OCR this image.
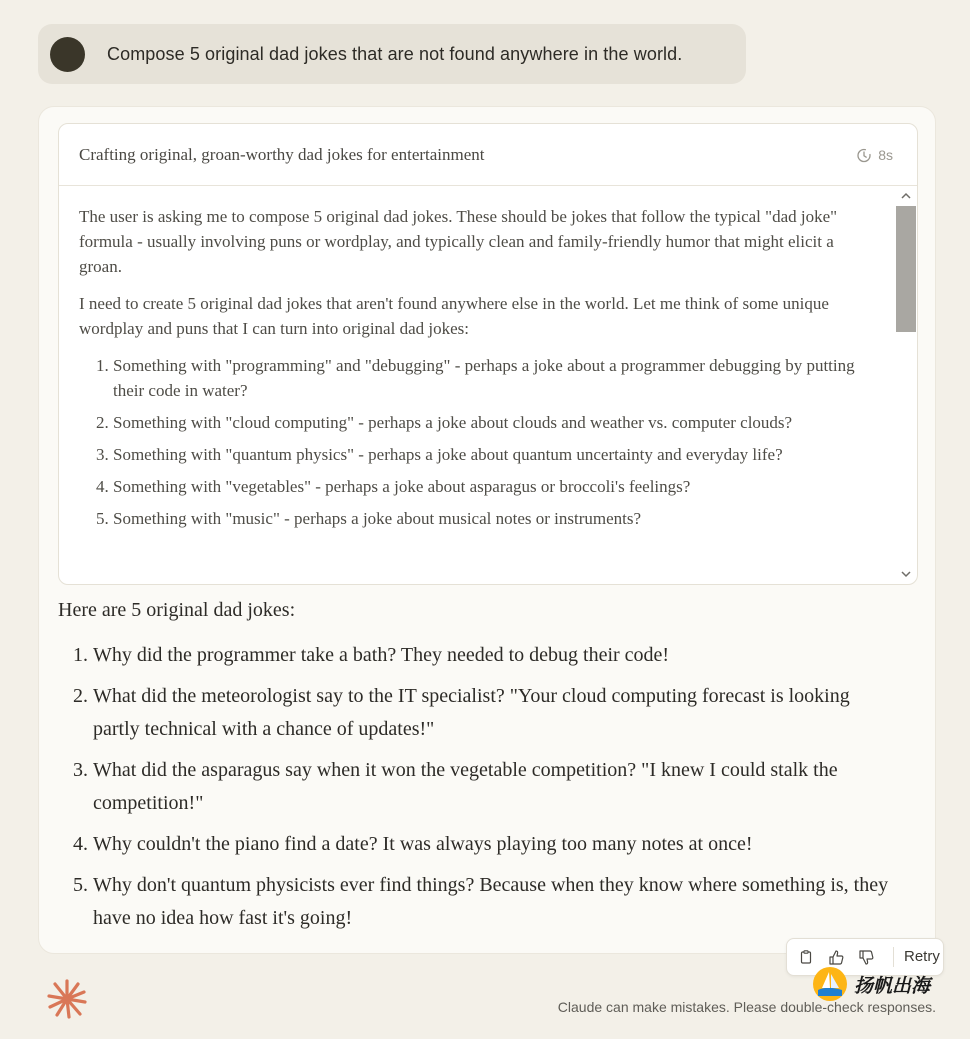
Compose 5 original dad jokes that are not found anywhere in the world.
Crafting original, groan-worthy dad jokes for entertainment	8s

The user is asking me to compose 5 original dad jokes. These should be jokes that follow the typical "dad joke" formula - usually involving puns or wordplay, and typically clean and family-friendly humor that might elicit a groan.

I need to create 5 original dad jokes that aren't found anywhere else in the world. Let me think of some unique wordplay and puns that I can turn into original dad jokes:

1. Something with "programming" and "debugging" - perhaps a joke about a programmer debugging by putting their code in water?
2. Something with "cloud computing" - perhaps a joke about clouds and weather vs. computer clouds?
3. Something with "quantum physics" - perhaps a joke about quantum uncertainty and everyday life?
4. Something with "vegetables" - perhaps a joke about asparagus or broccoli's feelings?
5. Something with "music" - perhaps a joke about musical notes or instruments?

Here are 5 original dad jokes:

1. Why did the programmer take a bath? They needed to debug their code!
2. What did the meteorologist say to the IT specialist? "Your cloud computing forecast is looking partly technical with a chance of updates!"
3. What did the asparagus say when it won the vegetable competition? "I knew I could stalk the competition!"
4. Why couldn't the piano find a date? It was always playing too many notes at once!
5. Why don't quantum physicists ever find things? Because when they know where something is, they have no idea how fast it's going!
Retry
扬帆出海
Claude can make mistakes. Please double-check responses.
